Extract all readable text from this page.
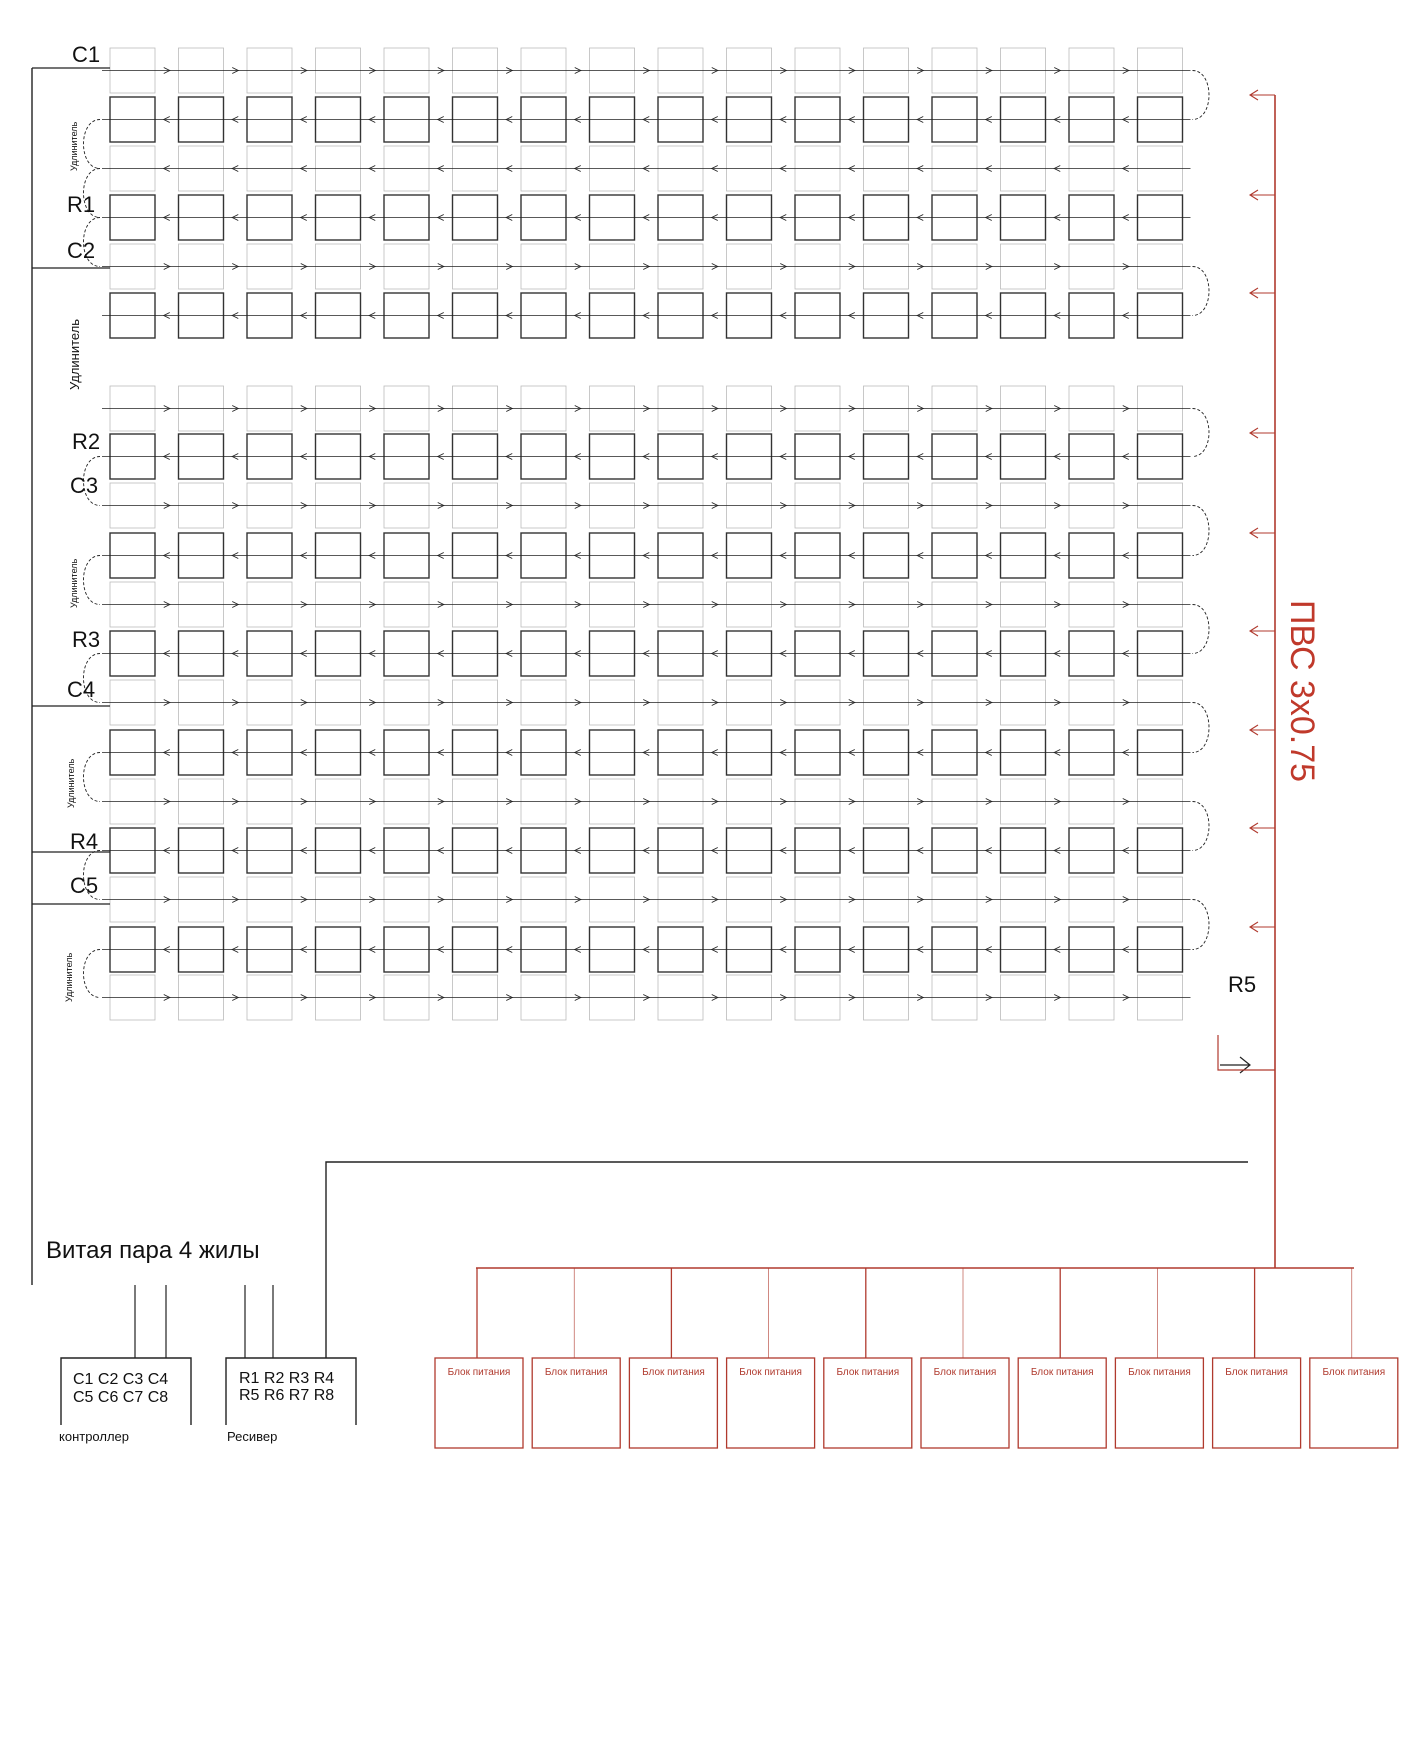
C1
R1
C2
R2
C3
R3
C4
R4
C5
R5
Удлинитель
Удлинитель
Удлинитель
Удлинитель
Удлинитель
ПВС 3x0.75
Витая пара 4 жилы
C1 C2 C3 C4
C5 C6 C7 C8
контроллер
R1 R2 R3 R4
R5 R6 R7 R8
Ресивер
Блок питания	Блок питания	Блок питания	Блок питания	Блок питания	Блок питания	Блок питания	Блок питания	Блок питания	Блок питания
